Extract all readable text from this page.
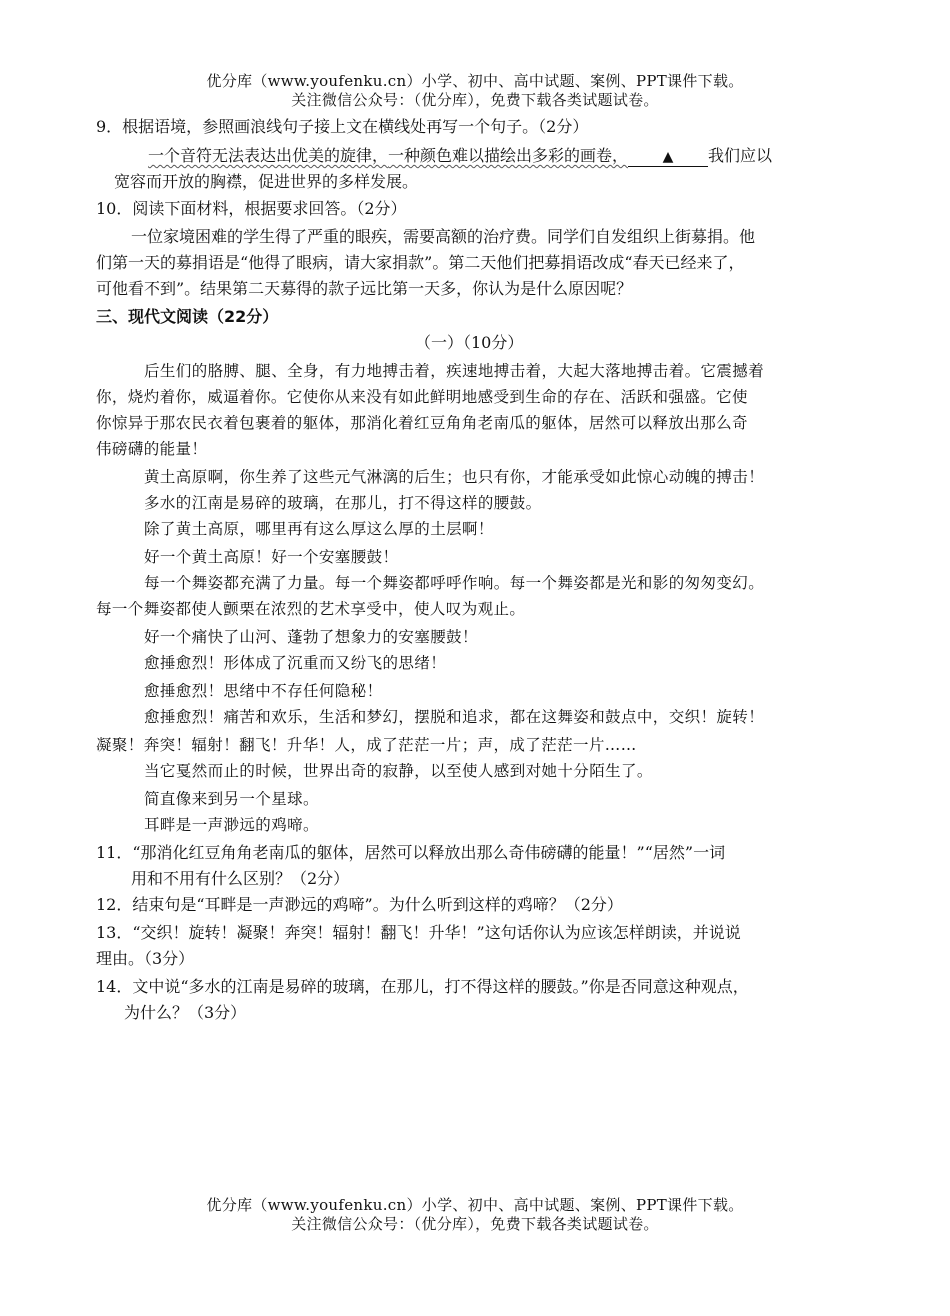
优分库（www.youfenku.cn）小学、初中、高中试题、案例、PPT课件下载。
关注微信公众号：（优分库），免费下载各类试题试卷。
9．根据语境，参照画浪线句子接上文在横线处再写一个句子。（2分）
一个音符无法表达出优美的旋律，一种颜色难以描绘出多彩的画卷， ▲ 我们应以
宽容而开放的胸襟，促进世界的多样发展。
10．阅读下面材料，根据要求回答。（2分）
一位家境困难的学生得了严重的眼疾，需要高额的治疗费。同学们自发组织上街募捐。他
们第一天的募捐语是“他得了眼病，请大家捐款”。第二天他们把募捐语改成“春天已经来了，
可他看不到”。结果第二天募得的款子远比第一天多，你认为是什么原因呢？
三、现代文阅读（22分）
（一）（10分）
后生们的胳膊、腿、全身，有力地搏击着，疾速地搏击着，大起大落地搏击着。它震撼着
你，烧灼着你，威逼着你。它使你从来没有如此鲜明地感受到生命的存在、活跃和强盛。它使
你惊异于那农民衣着包裹着的躯体，那消化着红豆角角老南瓜的躯体，居然可以释放出那么奇
伟磅礴的能量！
黄土高原啊，你生养了这些元气淋漓的后生；也只有你，才能承受如此惊心动魄的搏击！
多水的江南是易碎的玻璃，在那儿，打不得这样的腰鼓。
除了黄土高原，哪里再有这么厚这么厚的土层啊！
好一个黄土高原！好一个安塞腰鼓！
每一个舞姿都充满了力量。每一个舞姿都呼呼作响。每一个舞姿都是光和影的匆匆变幻。
每一个舞姿都使人颤栗在浓烈的艺术享受中，使人叹为观止。
好一个痛快了山河、蓬勃了想象力的安塞腰鼓！
愈捶愈烈！形体成了沉重而又纷飞的思绪！
愈捶愈烈！思绪中不存任何隐秘！
愈捶愈烈！痛苦和欢乐，生活和梦幻，摆脱和追求，都在这舞姿和鼓点中，交织！旋转！
凝聚！奔突！辐射！翻飞！升华！人，成了茫茫一片；声，成了茫茫一片……
当它戛然而止的时候，世界出奇的寂静，以至使人感到对她十分陌生了。
简直像来到另一个星球。
耳畔是一声渺远的鸡啼。
11．“那消化红豆角角老南瓜的躯体，居然可以释放出那么奇伟磅礴的能量！”“居然”一词
用和不用有什么区别？（2分）
12．结束句是“耳畔是一声渺远的鸡啼”。为什么听到这样的鸡啼？（2分）
13．“交织！旋转！凝聚！奔突！辐射！翻飞！升华！”这句话你认为应该怎样朗读，并说说
理由。（3分）
14．文中说“多水的江南是易碎的玻璃，在那儿，打不得这样的腰鼓。”你是否同意这种观点，
为什么？（3分）
优分库（www.youfenku.cn）小学、初中、高中试题、案例、PPT课件下载。
关注微信公众号：（优分库），免费下载各类试题试卷。
